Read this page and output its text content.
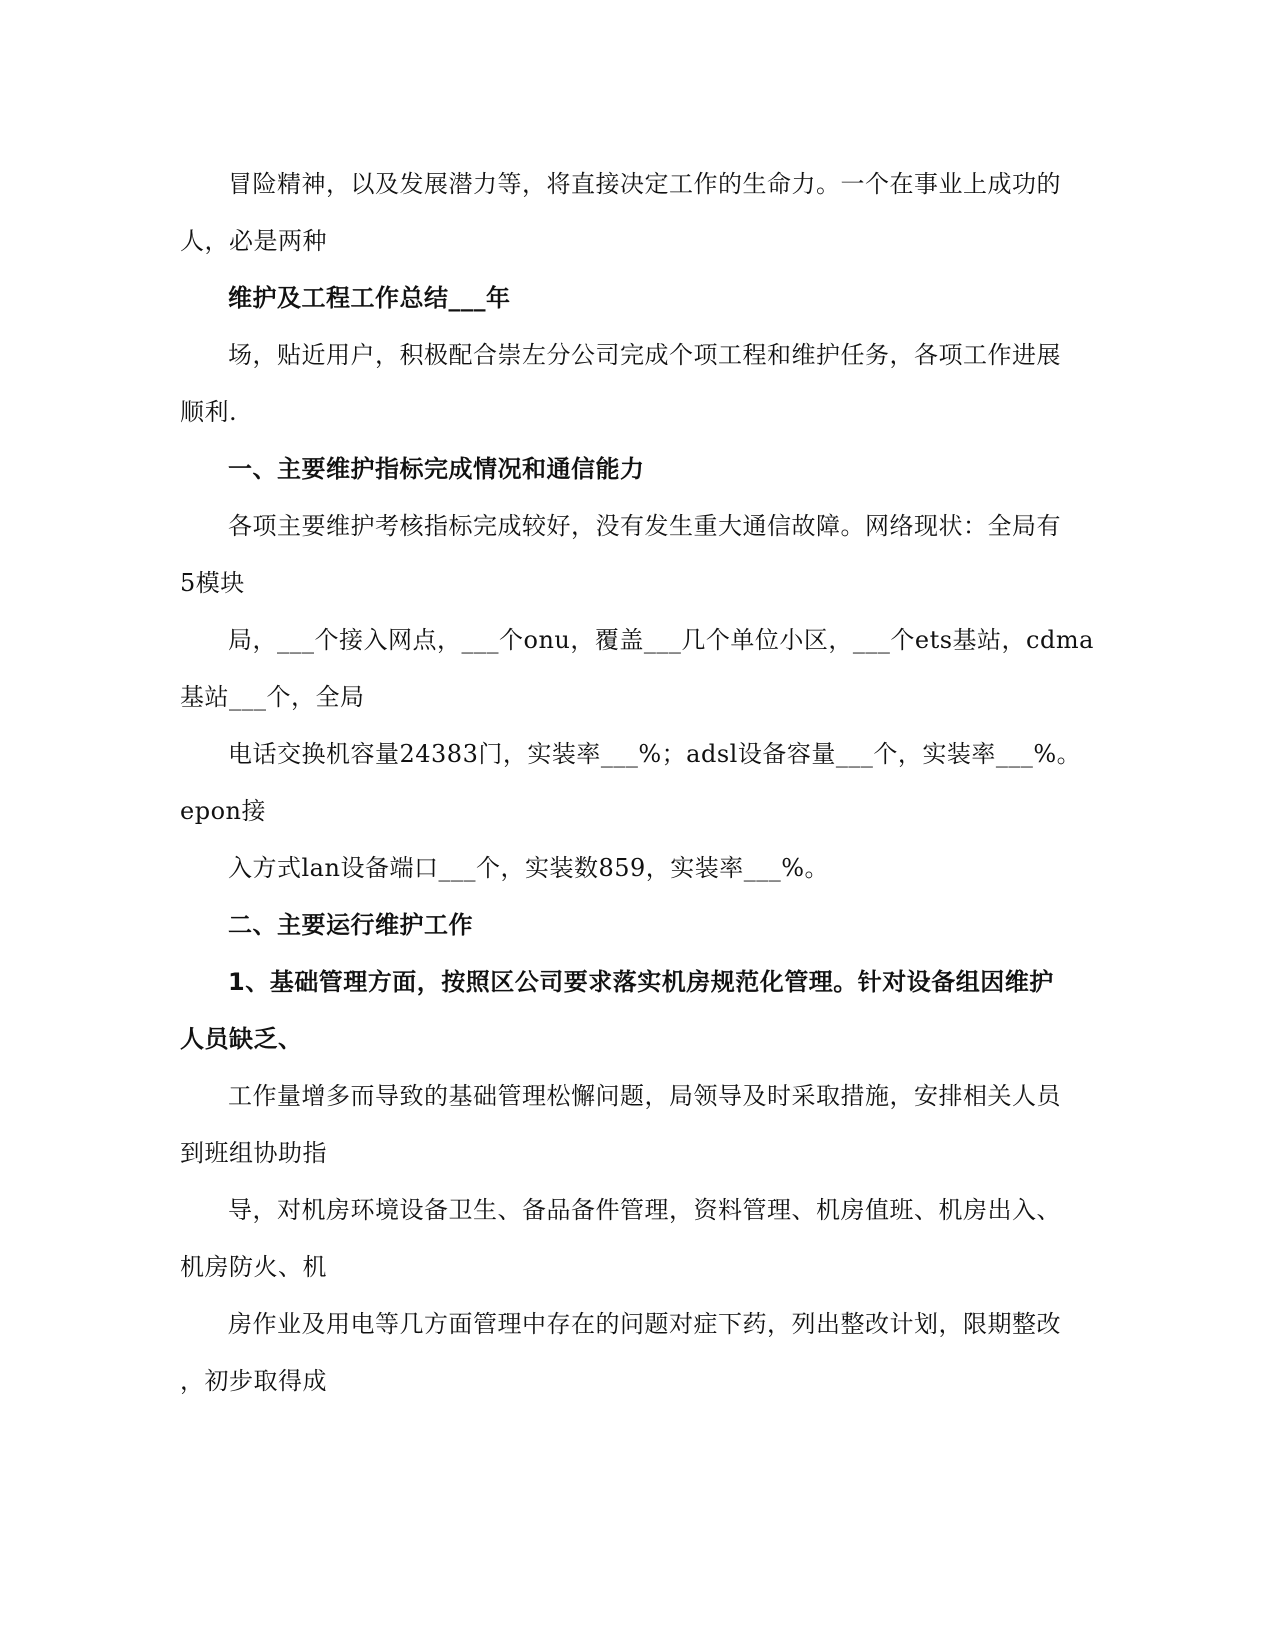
冒险精神，以及发展潜力等，将直接决定工作的生命力。一个在事业上成功的
人，必是两种
维护及工程工作总结___年
场，贴近用户，积极配合崇左分公司完成个项工程和维护任务，各项工作进展
顺利.
一、主要维护指标完成情况和通信能力
各项主要维护考核指标完成较好，没有发生重大通信故障。网络现状：全局有
5模块
局，___个接入网点，___个onu，覆盖___几个单位小区，___个ets基站，cdma
基站___个，全局
电话交换机容量24383门，实装率___%；adsl设备容量___个，实装率___%。
epon接
入方式lan设备端口___个，实装数859，实装率___%。
二、主要运行维护工作
1、基础管理方面，按照区公司要求落实机房规范化管理。针对设备组因维护
人员缺乏、
工作量增多而导致的基础管理松懈问题，局领导及时采取措施，安排相关人员
到班组协助指
导，对机房环境设备卫生、备品备件管理，资料管理、机房值班、机房出入、
机房防火、机
房作业及用电等几方面管理中存在的问题对症下药，列出整改计划，限期整改
，初步取得成
